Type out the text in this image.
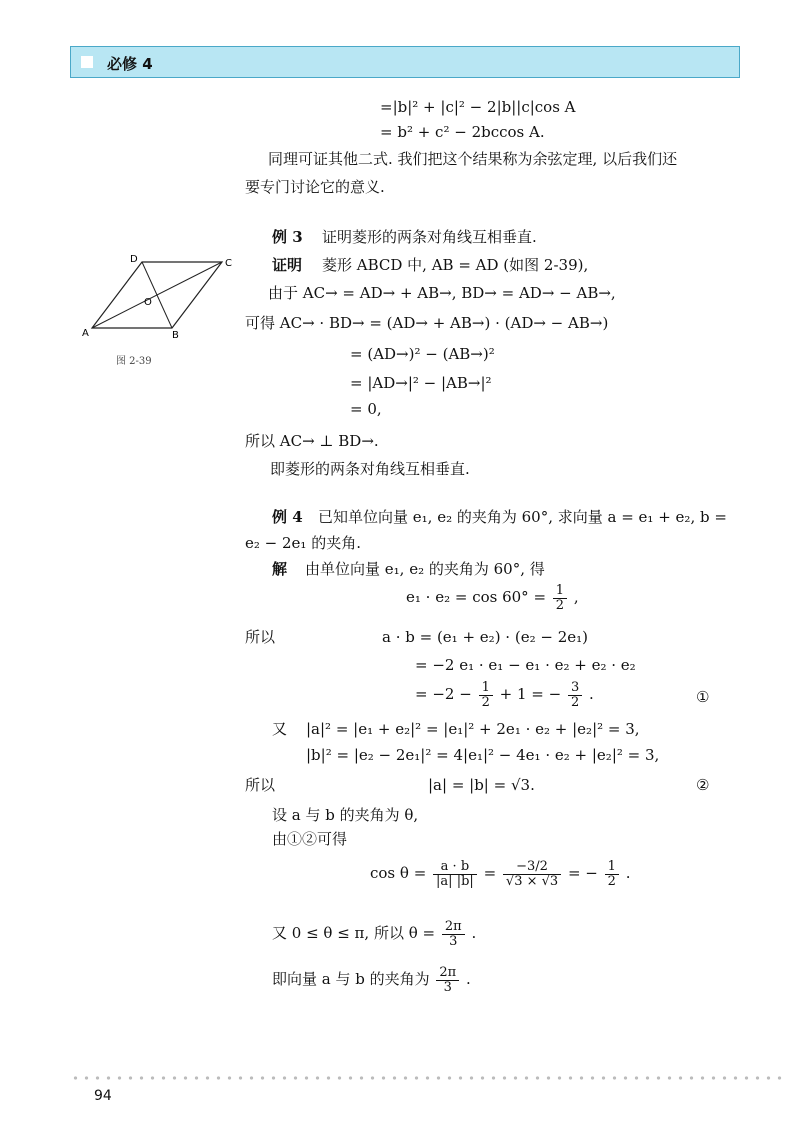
必修 4
=|b|² + |c|² − 2|b||c|cos A
= b² + c² − 2bccos A.
同理可证其他二式. 我们把这个结果称为余弦定理, 以后我们还
要专门讨论它的意义.
例 3 证明菱形的两条对角线互相垂直.
证明 菱形 ABCD 中, AB = AD (如图 2-39),
由于 AC→ = AD→ + AB→, BD→ = AD→ − AB→,
可得 AC→ · BD→ = (AD→ + AB→) · (AD→ − AB→)
= (AD→)² − (AB→)²
= |AD→|² − |AB→|²
= 0,
所以 AC→ ⊥ BD→.
即菱形的两条对角线互相垂直.
A	B
C
D
O
图 2-39
例 4 已知单位向量 e₁, e₂ 的夹角为 60°, 求向量 a = e₁ + e₂, b =
e₂ − 2e₁ 的夹角.
解 由单位向量 e₁, e₂ 的夹角为 60°, 得
$e_1 \cdot e_2 = \cos 60^\circ = \frac{1}{2}$ ,
所以	a · b = (e₁ + e₂) · (e₂ − 2e₁)
= −2 e₁ · e₁ − e₁ · e₂ + e₂ · e₂
= $-2 - \frac{1}{2} + 1$ = − $\frac{3}{2}$ .	①
又 |a|² = |e₁ + e₂|² = |e₁|² + 2e₁ · e₂ + |e₂|² = 3,
|b|² = |e₂ − 2e₁|² = 4|e₁|² − 4e₁ · e₂ + |e₂|² = 3,
所以	|a| = |b| = √3.	②
设 a 与 b 的夹角为 θ,
由①②可得
$\cos \theta = \frac{a \cdot b}{|a| |b|} = \frac{-3/2}{√3 \times √3}$ = − $\frac{1}{2}$ .
又 0 ≤ θ ≤ π, 所以 $\theta = \frac{2\pi}{3}$ .
即向量 a 与 b 的夹角为 $\frac{2\pi}{3}$ .
94
